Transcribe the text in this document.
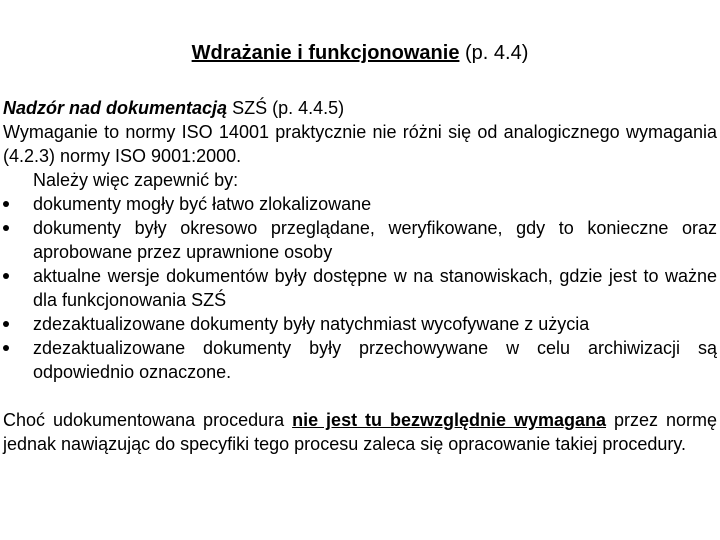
Wdrażanie i funkcjonowanie (p. 4.4)

Nadzór nad dokumentacją SZŚ (p. 4.4.5)

Wymaganie to normy ISO 14001 praktycznie nie różni się od analogicznego wymagania (4.2.3) normy ISO 9001:2000.

Należy więc zapewnić by:

dokumenty mogły być łatwo zlokalizowane
dokumenty były okresowo przeglądane, weryfikowane, gdy to konieczne oraz aprobowane przez uprawnione osoby
aktualne wersje dokumentów były dostępne w na stanowiskach, gdzie jest to ważne dla funkcjonowania SZŚ
zdezaktualizowane dokumenty były natychmiast wycofywane z użycia
zdezaktualizowane dokumenty były przechowywane w celu archiwizacji są odpowiednio oznaczone.

Choć udokumentowana procedura nie jest tu bezwzględnie wymagana przez normę jednak nawiązując do specyfiki tego procesu zaleca się opracowanie takiej procedury.
